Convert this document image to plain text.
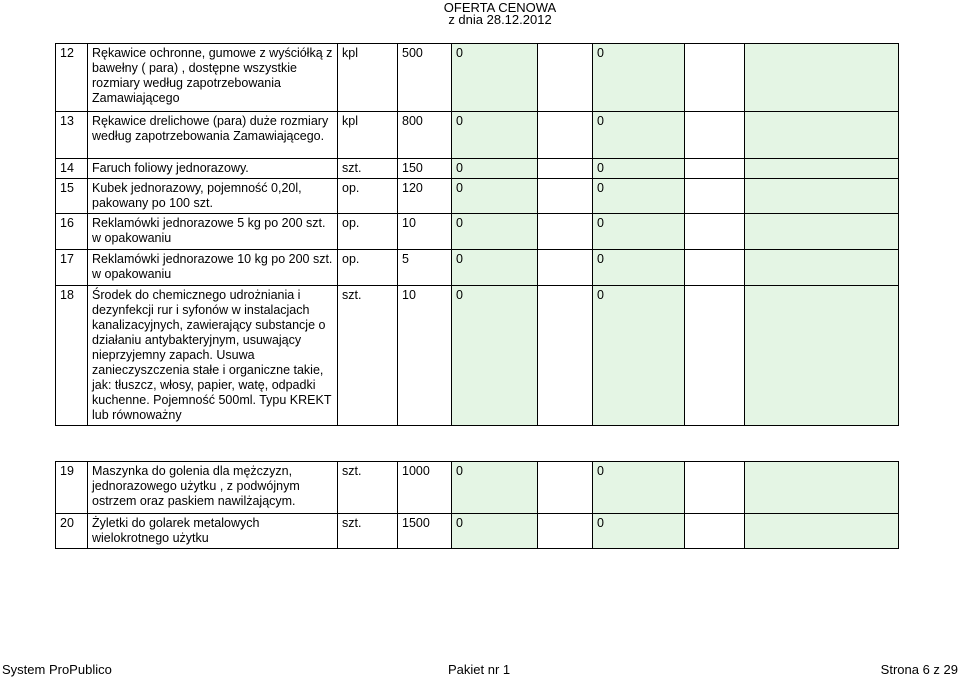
OFERTA CENOWA
z dnia 28.12.2012
12	Rękawice ochronne, gumowe z wyściółką z bawełny ( para) , dostępne wszystkie rozmiary według zapotrzebowania Zamawiającego	kpl	500	0		0		
13	Rękawice drelichowe (para) duże rozmiary według zapotrzebowania Zamawiającego.	kpl	800	0		0		
14	Faruch foliowy jednorazowy.	szt.	150	0		0		
15	Kubek jednorazowy, pojemność 0,20l, pakowany po 100 szt.	op.	120	0		0		
16	Reklamówki jednorazowe 5 kg po 200 szt. w opakowaniu	op.	10	0		0		
17	Reklamówki jednorazowe 10 kg po 200 szt. w opakowaniu	op.	5	0		0		
18	Środek do chemicznego udrożniania i dezynfekcji rur i syfonów w instalacjach kanalizacyjnych, zawierający substancje o działaniu antybakteryjnym, usuwający nieprzyjemny zapach. Usuwa zanieczyszczenia stałe i organiczne takie, jak: tłuszcz, włosy, papier, watę, odpadki kuchenne. Pojemność 500ml. Typu KREKT lub równoważny	szt.	10	0		0		
19	Maszynka do golenia dla mężczyzn, jednorazowego użytku , z podwójnym ostrzem oraz paskiem nawilżającym.	szt.	1000	0		0		
20	Żyletki do golarek metalowych wielokrotnego użytku	szt.	1500	0		0		
System ProPublico	Pakiet nr 1	Strona 6 z 29
